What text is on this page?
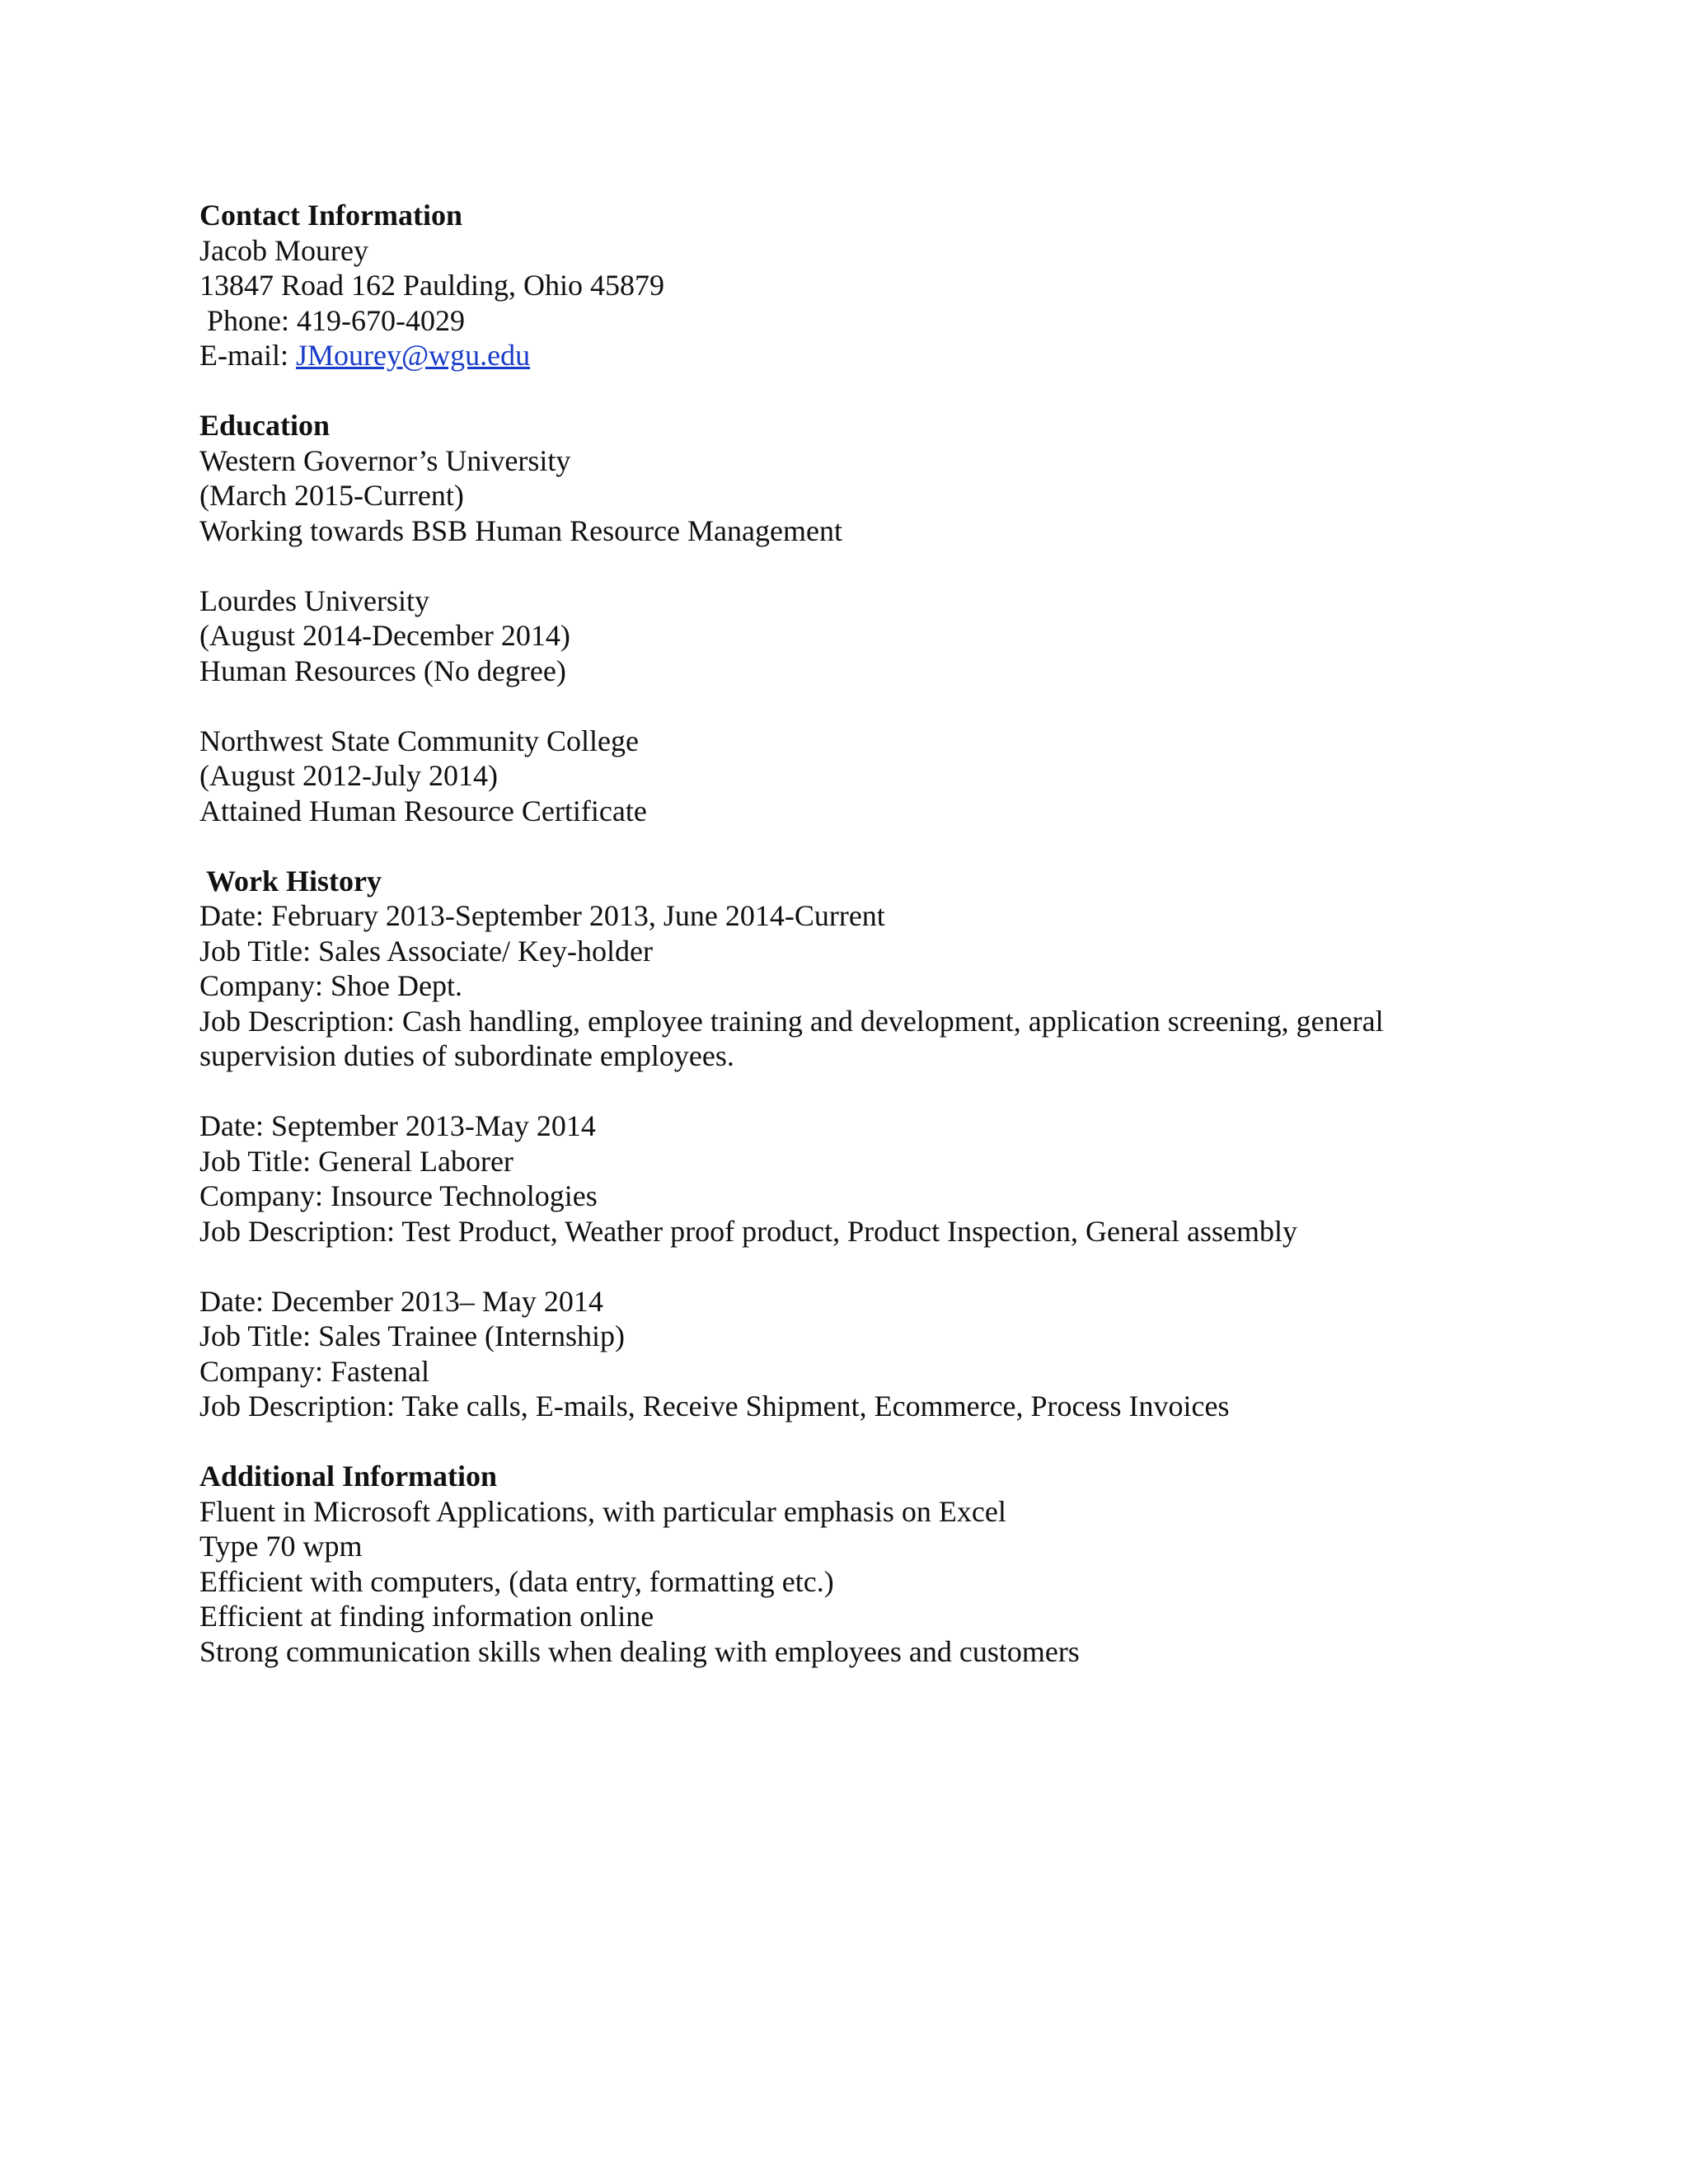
Contact Information
Jacob Mourey
13847 Road 162 Paulding, Ohio 45879
Phone: 419-670-4029
E-mail: JMourey@wgu.edu
Education
Western Governor’s University
(March 2015-Current)
Working towards BSB Human Resource Management
Lourdes University
(August 2014-December 2014)
Human Resources (No degree)
Northwest State Community College
(August 2012-July 2014)
Attained Human Resource Certificate
Work History
Date: February 2013-September 2013, June 2014-Current
Job Title: Sales Associate/ Key-holder
Company: Shoe Dept.
Job Description: Cash handling, employee training and development, application screening, general supervision duties of subordinate employees.
Date: September 2013-May 2014
Job Title: General Laborer
Company: Insource Technologies
Job Description: Test Product, Weather proof product, Product Inspection, General assembly
Date: December 2013– May 2014
Job Title: Sales Trainee (Internship)
Company: Fastenal
Job Description: Take calls, E-mails, Receive Shipment, Ecommerce, Process Invoices
Additional Information
Fluent in Microsoft Applications, with particular emphasis on Excel
Type 70 wpm
Efficient with computers, (data entry, formatting etc.)
Efficient at finding information online
Strong communication skills when dealing with employees and customers
